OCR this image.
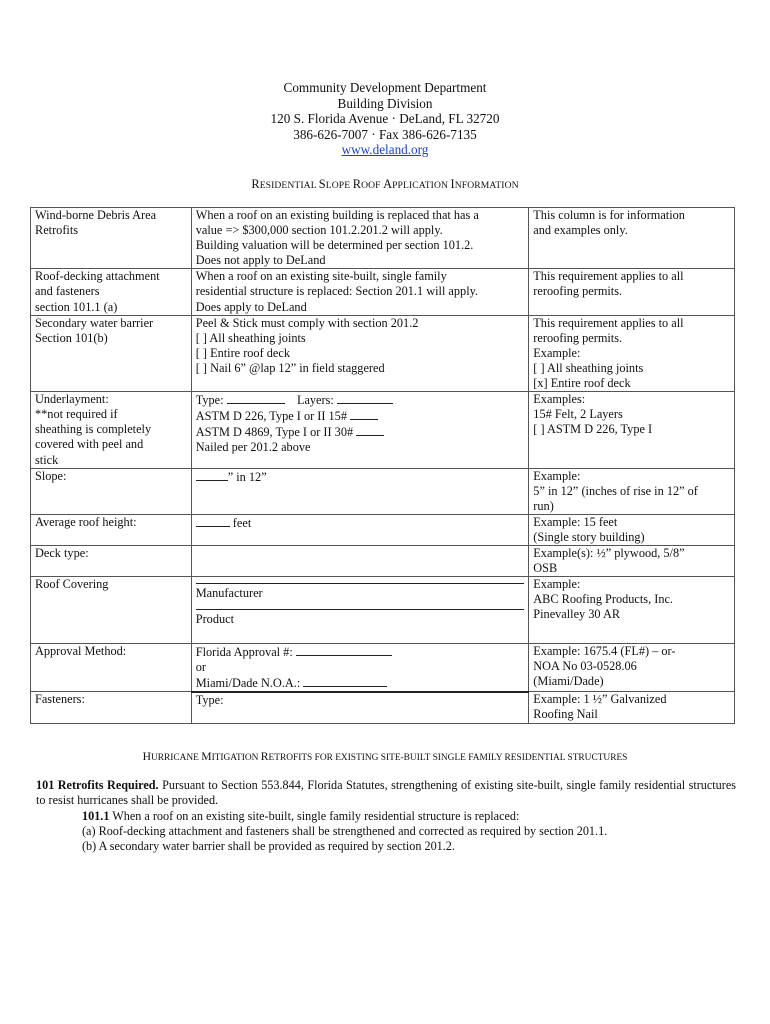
Community Development Department
Building Division
120 S. Florida Avenue · DeLand, FL 32720
386-626-7007 · Fax 386-626-7135
www.deland.org
RESIDENTIAL SLOPE ROOF APPLICATION INFORMATION
Wind-borne Debris Area Retrofits	When a roof on an existing building is replaced that has a
value => $300,000 section 101.2.201.2 will apply.
Building valuation will be determined per section 101.2.
Does not apply to DeLand	This column is for information
and examples only.

Roof-decking attachment
and fasteners
section 101.1 (a)	When a roof on an existing site-built, single family
residential structure is replaced: Section 201.1 will apply.
Does apply to DeLand	This requirement applies to all
reroofing permits.

Secondary water barrier
Section 101(b)	Peel & Stick must comply with section 201.2
[ ] All sheathing joints
[ ] Entire roof deck
[ ] Nail 6” @lap 12” in field staggered	This requirement applies to all
reroofing permits.
Example:
[ ] All sheathing joints
[x] Entire roof deck

Underlayment:
**not required if
sheathing is completely
covered with peel and
stick	Type: Layers:
ASTM D 226, Type I or II 15#
ASTM D 4869, Type I or II 30#
Nailed per 201.2 above	Examples:
15# Felt, 2 Layers
[ ] ASTM D 226, Type I

Slope:	” in 12”	Example:
5” in 12” (inches of rise in 12” of
run)

Average roof height:	feet	Example: 15 feet
(Single story building)

Deck type:		Example(s): ½” plywood, 5/8”
OSB

Roof Covering	Manufacturer
Product	Example:
ABC Roofing Products, Inc.
Pinevalley 30 AR

Approval Method:	Florida Approval #:
or
Miami/Dade N.O.A.:	Example: 1675.4 (FL#) – or-
NOA No 03-0528.06
(Miami/Dade)

Fasteners:	Type:	Example: 1 ½” Galvanized
Roofing Nail
HURRICANE MITIGATION RETROFITS FOR EXISTING SITE-BUILT SINGLE FAMILY RESIDENTIAL STRUCTURES
101 Retrofits Required. Pursuant to Section 553.844, Florida Statutes, strengthening of existing site-built, single family residential structures to resist hurricanes shall be provided.
101.1 When a roof on an existing site-built, single family residential structure is replaced:
(a) Roof-decking attachment and fasteners shall be strengthened and corrected as required by section 201.1.
(b) A secondary water barrier shall be provided as required by section 201.2.
